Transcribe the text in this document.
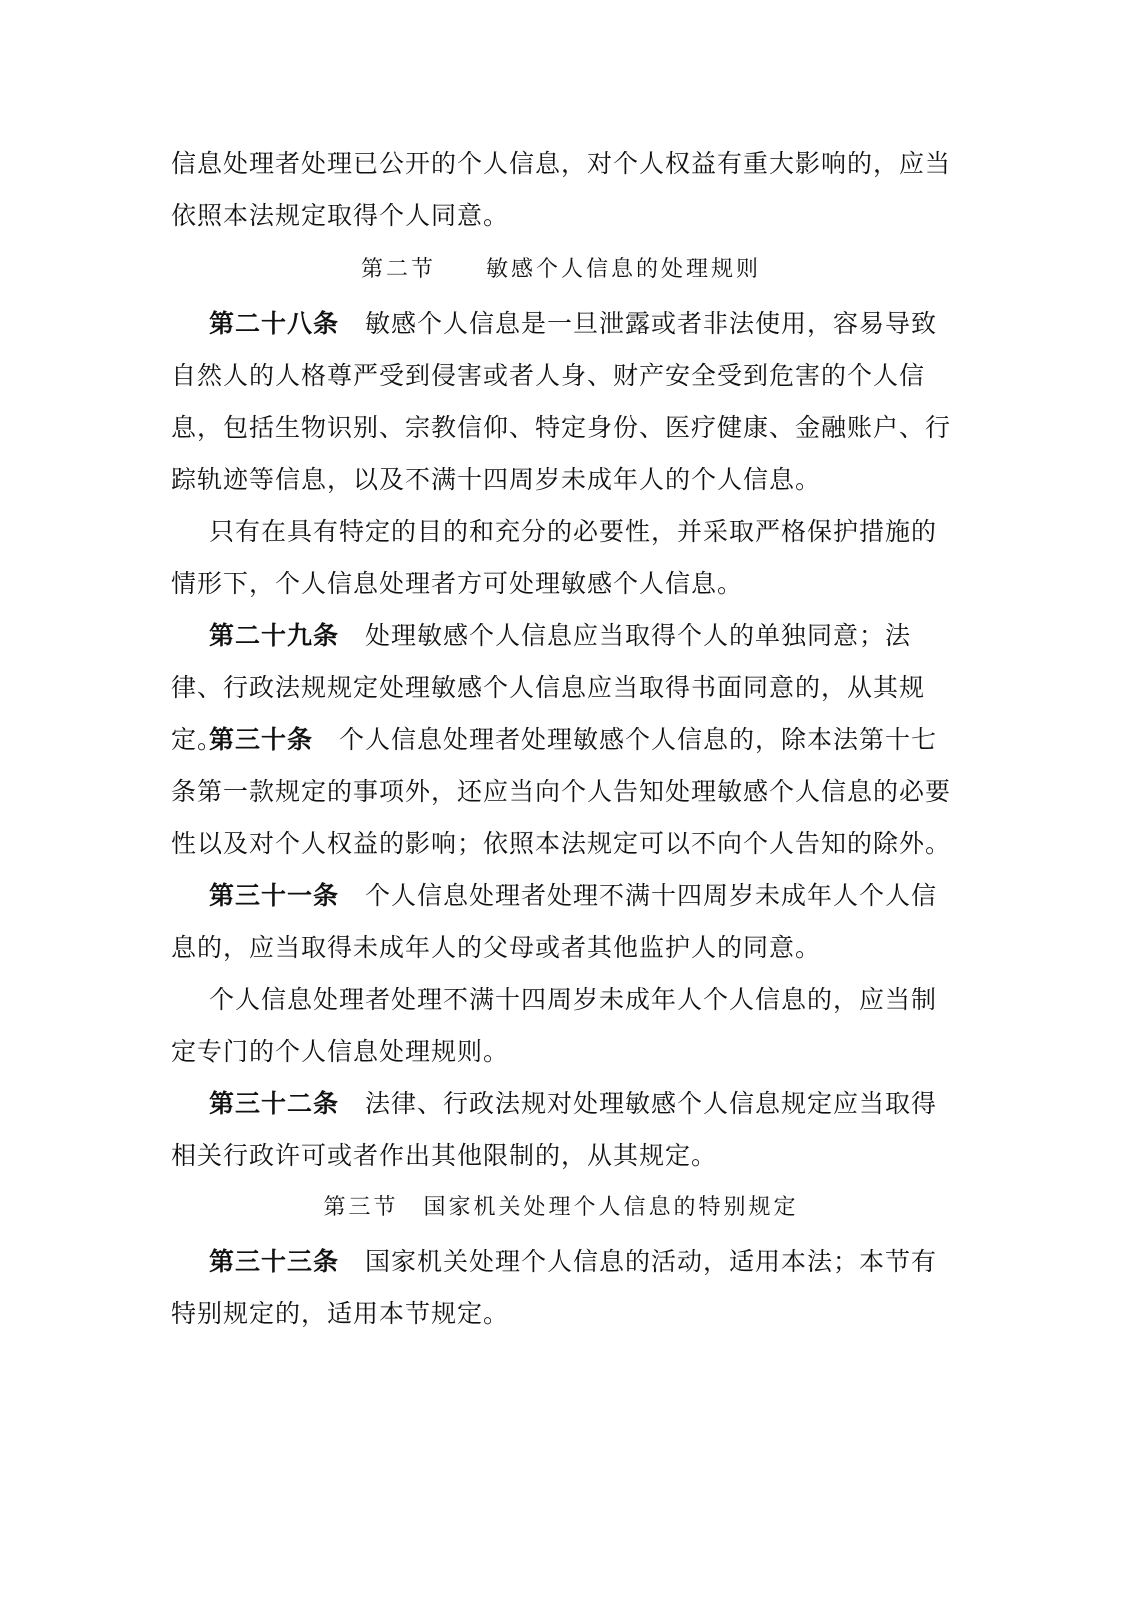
信息处理者处理已公开的个人信息，对个人权益有重大影响的，应当依照本法规定取得个人同意。

第二节　　敏感个人信息的处理规则

第二十八条　敏感个人信息是一旦泄露或者非法使用，容易导致自然人的人格尊严受到侵害或者人身、财产安全受到危害的个人信息，包括生物识别、宗教信仰、特定身份、医疗健康、金融账户、行踪轨迹等信息，以及不满十四周岁未成年人的个人信息。

只有在具有特定的目的和充分的必要性，并采取严格保护措施的情形下，个人信息处理者方可处理敏感个人信息。

第二十九条　处理敏感个人信息应当取得个人的单独同意；法律、行政法规规定处理敏感个人信息应当取得书面同意的，从其规定。

第三十条　个人信息处理者处理敏感个人信息的，除本法第十七条第一款规定的事项外，还应当向个人告知处理敏感个人信息的必要性以及对个人权益的影响；依照本法规定可以不向个人告知的除外。

第三十一条　个人信息处理者处理不满十四周岁未成年人个人信息的，应当取得未成年人的父母或者其他监护人的同意。

个人信息处理者处理不满十四周岁未成年人个人信息的，应当制定专门的个人信息处理规则。

第三十二条　法律、行政法规对处理敏感个人信息规定应当取得相关行政许可或者作出其他限制的，从其规定。

第三节　国家机关处理个人信息的特别规定

第三十三条　国家机关处理个人信息的活动，适用本法；本节有特别规定的，适用本节规定。
